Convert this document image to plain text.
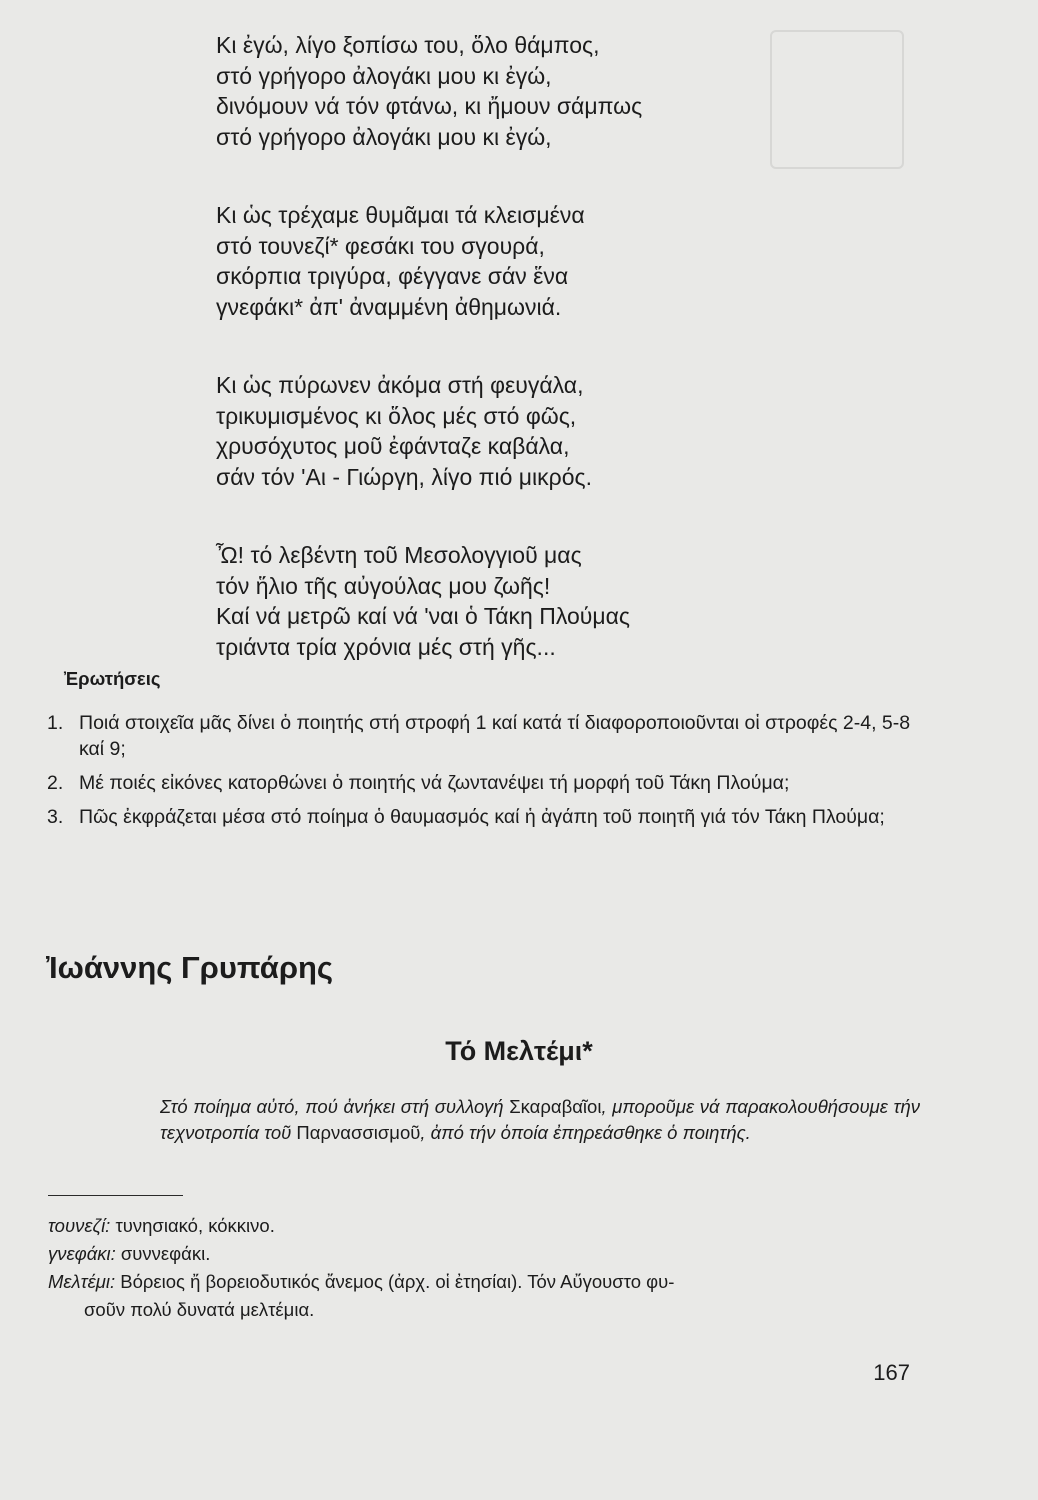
Κι ἐγώ, λίγο ξοπίσω του, ὅλο θάμπος,
στό γρήγορο ἀλογάκι μου κι ἐγώ,
δινόμουν νά τόν φτάνω, κι ἤμουν σάμπως
στό γρήγορο ἀλογάκι μου κι ἐγώ,
Κι ὡς τρέχαμε θυμᾶμαι τά κλεισμένα
στό τουνεζί* φεσάκι του σγουρά,
σκόρπια τριγύρα, φέγγανε σάν ἕνα
γνεφάκι* ἀπ' ἀναμμένη ἀθημωνιά.
Κι ὡς πύρωνεν ἀκόμα στή φευγάλα,
τρικυμισμένος κι ὅλος μές στό φῶς,
χρυσόχυτος μοῦ ἐφάνταζε καβάλα,
σάν τόν 'Αι - Γιώργη, λίγο πιό μικρός.
Ὦ! τό λεβέντη τοῦ Μεσολογγιοῦ μας
τόν ἥλιο τῆς αὐγούλας μου ζωῆς!
Καί νά μετρῶ καί νά 'ναι ὁ Τάκη Πλούμας
τριάντα τρία χρόνια μές στή γῆς...
Ἐρωτήσεις
1. Ποιά στοιχεῖα μᾶς δίνει ὁ ποιητής στή στροφή 1 καί κατά τί διαφοροποιοῦνται οἱ στροφές 2-4, 5-8 καί 9;
2. Μέ ποιές εἰκόνες κατορθώνει ὁ ποιητής νά ζωντανέψει τή μορφή τοῦ Τάκη Πλούμα;
3. Πῶς ἐκφράζεται μέσα στό ποίημα ὁ θαυμασμός καί ἡ ἀγάπη τοῦ ποιητῆ γιά τόν Τάκη Πλούμα;
Ἰωάννης Γρυπάρης
Τό Μελτέμι*
Στό ποίημα αὐτό, πού ἀνήκει στή συλλογή Σκαραβαῖοι, μποροῦμε νά παρακολουθήσουμε τήν τεχνοτροπία τοῦ Παρνασσισμοῦ, ἀπό τήν ὁποία ἐπηρεάσθηκε ὁ ποιητής.
τουνεζί: τυνησιακό, κόκκινο.
γνεφάκι: συννεφάκι.
Μελτέμι: Βόρειος ἤ βορειοδυτικός ἄνεμος (ἀρχ. οἱ ἐτησίαι). Τόν Αὔγουστο φυ-
σοῦν πολύ δυνατά μελτέμια.
167
